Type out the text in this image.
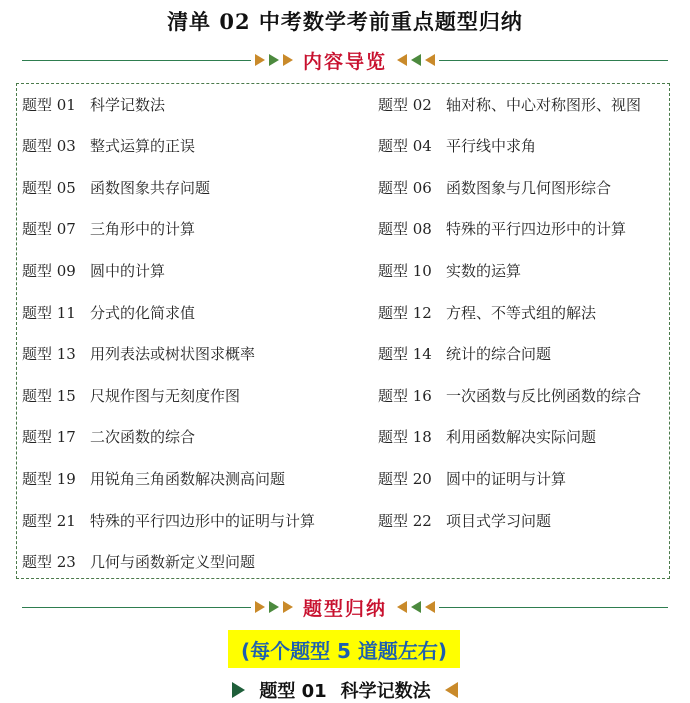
清单 02 中考数学考前重点题型归纳
内容导览
题型 01 科学记数法	题型 02 轴对称、中心对称图形、视图
题型 03 整式运算的正误	题型 04 平行线中求角
题型 05 函数图象共存问题	题型 06 函数图象与几何图形综合
题型 07 三角形中的计算	题型 08 特殊的平行四边形中的计算
题型 09 圆中的计算	题型 10 实数的运算
题型 11 分式的化简求值	题型 12 方程、不等式组的解法
题型 13 用列表法或树状图求概率	题型 14 统计的综合问题
题型 15 尺规作图与无刻度作图	题型 16 一次函数与反比例函数的综合
题型 17 二次函数的综合	题型 18 利用函数解决实际问题
题型 19 用锐角三角函数解决测高问题	题型 20 圆中的证明与计算
题型 21 特殊的平行四边形中的证明与计算	题型 22 项目式学习问题
题型 23 几何与函数新定义型问题
题型归纳
(每个题型 5 道题左右)
题型 01 科学记数法
